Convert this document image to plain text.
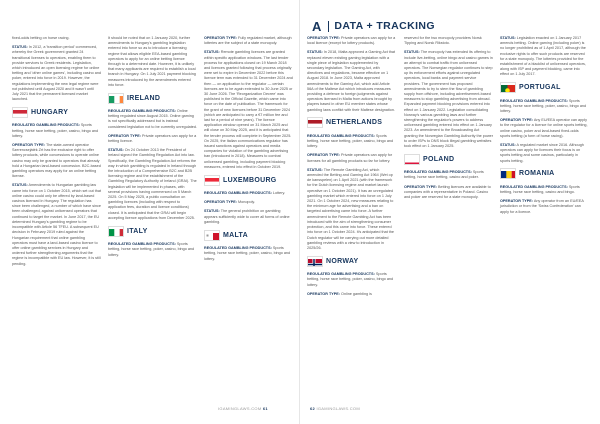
A DATA + TRACKING

fixed-odds betting on horse racing.

STATUS: In 2012, a 'transition period' commenced, whereby the Greek government granted 24 transitional licenses to operators, enabling them to provide services to Greek residents. Legislation, which introduced an open licensing regime for online betting and 'other online games', including casino and poker, entered into force in 2019. However, the regulations implementing the new legal regime were not published until August 2020 and it wasn't until July 2021 that the permanent licensed market launched.

HUNGARY

REGULATED GAMBLING PRODUCTS: Sports betting, horse race betting, poker, casino, bingo and lottery.

OPERATOR TYPE: The state-owned operator Szerencsejáték Zrt has the exclusive right to offer lottery products, while concessions to operate online casino may only be granted to operators that already hold a Hungarian land-based concession. B2C-based gambling operators may apply for an online betting license.

STATUS: Amendments to Hungarian gambling law came into force on 1 October 2015, which set out that online casino could only be offered by land-based casinos licensed in Hungary. The regulation has since been challenged, a number of which have since been challenged, against unlicensed operators that continued to target the market. In June 2017, the EU determined Hungary's gambling regime to be incompatible with Article 56 TFEU. A subsequent EU decision in February 2019 ruled against the Hungarian requirement that online gambling operators must have a land-based casino licence to offer online gambling services in Hungary and ordered further strengthening arguments that the regime is incompatible with EU law. However, it is still pending.

It should be noted that on 1 January 2020, further amendments to Hungary's gambling legislation entered into force so as to introduce a licensing regime that allows eligible EEA-based gambling operators to apply for an online betting licence through to a determined date. However, it is unlikely that many applicants are required to establish a local branch in Hungary. On 1 July 2021 payment blocking measures introduced by the amendments entered into force.

IRELAND

REGULATED GAMBLING PRODUCTS: Online betting regulated since August 2015. Online gaming is not specifically addressed but is instead considered legislation not to be currently unregulated.

OPERATOR TYPE: Private operators can apply for a betting licence.

STATUS: On 24 October 2013 the President of Ireland signed the Gambling Regulation Act into law. Specifically, the Gambling Regulation Act reforms the way in which gambling is regulated in Ireland through the introduction of a Comprehensive B2C and B2B licensing regime and the establishment of the Gambling Regulatory Authority of Ireland (GRAI). The legislation will be implemented in phases, with several provisions having commenced on 5 March 2025. On 5 May 2025, a public consultation on gambling licences (including with respect to application fees, duration and licence conditions) closed. It is anticipated that the GRAI will begin accepting licence applications from December 2025.

ITALY

REGULATED GAMBLING PRODUCTS: Sports betting, horse race betting, poker, casino, bingo and lottery.

OPERATOR TYPE: Fully regulated market, although lotteries are the subject of a state monopoly.

STATUS: Remote gambling licences are granted within specific application windows. The last tender process for applications closed on 19 March 2018 and licences granted following that process originally were set to expire in December 2022 before this licence term was extended to 31 December 2024 and then — on application to the regulator — certain licences are to be again extended to 30 June 2025 or 30 June 2026. The 'Reorganization Decree' was published in the Official Gazette, which came into force on the date of publication. The framework for the grant of new licences before 31 December 2024 (which are anticipated to carry a €7 million fee and last for a period of nine years). The licence application window opened on 31 March 2025 and will close on 30 May 2025, and it is anticipated that the tender process will complete in September 2025. On 2025, the Italian communications regulator has issued sanctions against operators and media companies for violation of the gambling advertising ban (introduced in 2018). Measures to combat unlicensed gambling, including payment blocking measures, entered into effect in October 2019.

LUXEMBOURG

REGULATED GAMBLING PRODUCTS: Lottery.

OPERATOR TYPE: Monopoly.

STATUS: The general prohibition on gambling appears sufficiently wide to cover all forms of online gambling.

MALTA

REGULATED GAMBLING PRODUCTS: Sports betting, horse race betting, poker, casino, bingo and lottery.

OPERATOR TYPE: Private operators can apply for a local licence (except for lottery products).

STATUS: In 2018, Malta approved a Gaming Act that replaced eleven existing gaming legislation with a single piece of legislation supplemented by secondary legislation. The Gaming Act, with directives and regulations, became effective on 1 August 2018. In June 2023, Malta approved amendments to the Gaming Act, which add Article 56A of the Maltese Act which introduces measures providing a defence to foreign judgments against operators licensed in Malta from actions brought by players based in other EU member states whose gambling laws conflict with their Maltese designation.

NETHERLANDS

REGULATED GAMBLING PRODUCTS: Sports betting, horse race betting, poker, casino, bingo and lottery.

OPERATOR TYPE: Private operators can apply for licenses for all gambling products so far for lottery.

STATUS: The Remote Gambling Act, which amended the Betting and Gaming Act 1964 (Wet op de kansspelen) on 1 April 2021 (with the framework for the Dutch licensing regime and market launch operative on 1 October 2021). It has an unregulated gambling market which entered into force on 1 July 2021. On 1 October 2024, new measures relating to the minimum age for advertising and a ban on targeted advertising came into force. A further amendment to the Remote Gambling Act has been introduced with the aim of strengthening consumer protection, and this came into force. These entered into force on 1 October 2024. It's anticipated that the Dutch regulator will be carrying out more detailed gambling reviews with a view to introduction in 2025/26.

NORWAY

REGULATED GAMBLING PRODUCTS: Sports betting, horse race betting, poker, casino, bingo and lottery.

OPERATOR TYPE: Online gambling is

reserved for the two monopoly providers Norsk Tipping and Norsk Rikstoto.

STATUS: The monopoly has extended its offering to include live-betting, online bingo and casino games in an attempt to combat traffic from unlicensed operators. The Norwegian regulator continues to step up its enforcement efforts against unregulated operators, local banks and payment service providers. The government has proposed amendments to try to stem the flow of gambling supply from offshore, including advertisement-based measures to stop gambling advertising from abroad. Expanded payment blocking provisions entered into effect on 1 January 2022. Legislation consolidating Norway's various gambling laws and further strengthening the regulator's powers to address unlicensed gambling entered into effect on 1 January 2023. An amendment to the Broadcasting Act granting the Norwegian Gambling Authority the power to order ISPs to DNS block illegal gambling websites took effect on 1 January 2025.

POLAND

REGULATED GAMBLING PRODUCTS: Sports betting, horse race betting, casino and poker.

OPERATOR TYPE: Betting licences are available to companies with a representative in Poland. Casino and poker are reserved for a state monopoly.

STATUS: Legislation enacted on 1 January 2017 amends betting. Online gaming (including poker) is no longer prohibited as of 1 April 2017, although the exclusive rights to offer such products are reserved for a state monopoly. The lotteries provided for the establishment of a blacklist of unlicensed operators, along with ISP and payment blocking, came into effect on 1 July 2017.

PORTUGAL

REGULATED GAMBLING PRODUCTS: Sports betting, horse race betting, poker, casino, bingo and lottery.

OPERATOR TYPE: Any EU/EEA operator can apply to the regulator for a licence for online sports betting, online casino, poker and land-based fixed-odds sports betting (a form of horse racing).

STATUS: A regulated market since 2016. Although operators can apply for licences their focus is on sports betting and some casinos, particularly in sports betting.

ROMANIA

REGULATED GAMBLING PRODUCTS: Sports betting, horse race betting, casino and bingo.

OPERATOR TYPE: Any operator from an EU/EEA jurisdiction or from the 'Swiss Confederation' can apply for a licence.

IGAMINGLAWS.COM 61	62 IGAMINGLAWS.COM
